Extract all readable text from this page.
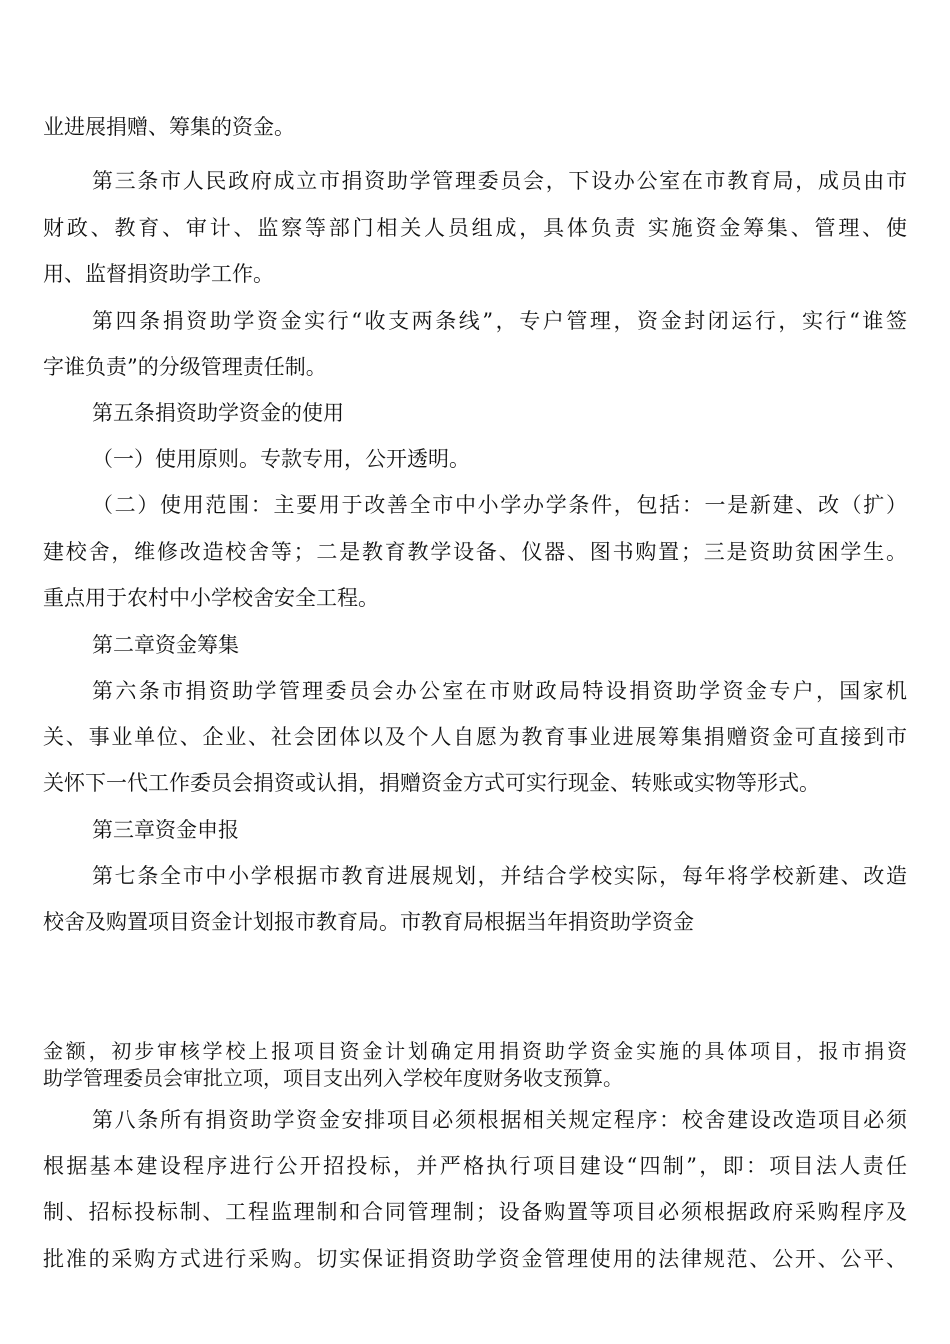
业进展捐赠、筹集的资金。
第三条市人民政府成立市捐资助学管理委员会，下设办公室在市教育局，成员由市
财政、教育、审计、监察等部门相关人员组成，具体负责 实施资金筹集、管理、使
用、监督捐资助学工作。
第四条捐资助学资金实行“收支两条线”，专户管理，资金封闭运行，实行“谁签
字谁负责”的分级管理责任制。
第五条捐资助学资金的使用
（一）使用原则。专款专用，公开透明。
（二）使用范围：主要用于改善全市中小学办学条件，包括：一是新建、改（扩）
建校舍，维修改造校舍等；二是教育教学设备、仪器、图书购置；三是资助贫困学生。
重点用于农村中小学校舍安全工程。
第二章资金筹集
第六条市捐资助学管理委员会办公室在市财政局特设捐资助学资金专户，国家机
关、事业单位、企业、社会团体以及个人自愿为教育事业进展筹集捐赠资金可直接到市
关怀下一代工作委员会捐资或认捐，捐赠资金方式可实行现金、转账或实物等形式。
第三章资金申报
第七条全市中小学根据市教育进展规划，并结合学校实际，每年将学校新建、改造
校舍及购置项目资金计划报市教育局。市教育局根据当年捐资助学资金
金额，初步审核学校上报项目资金计划确定用捐资助学资金实施的具体项目，报市捐资
助学管理委员会审批立项，项目支出列入学校年度财务收支预算。
第八条所有捐资助学资金安排项目必须根据相关规定程序：校舍建设改造项目必须
根据基本建设程序进行公开招投标，并严格执行项目建设“四制”，即：项目法人责任
制、招标投标制、工程监理制和合同管理制；设备购置等项目必须根据政府采购程序及
批准的采购方式进行采购。切实保证捐资助学资金管理使用的法律规范、公开、公平、
